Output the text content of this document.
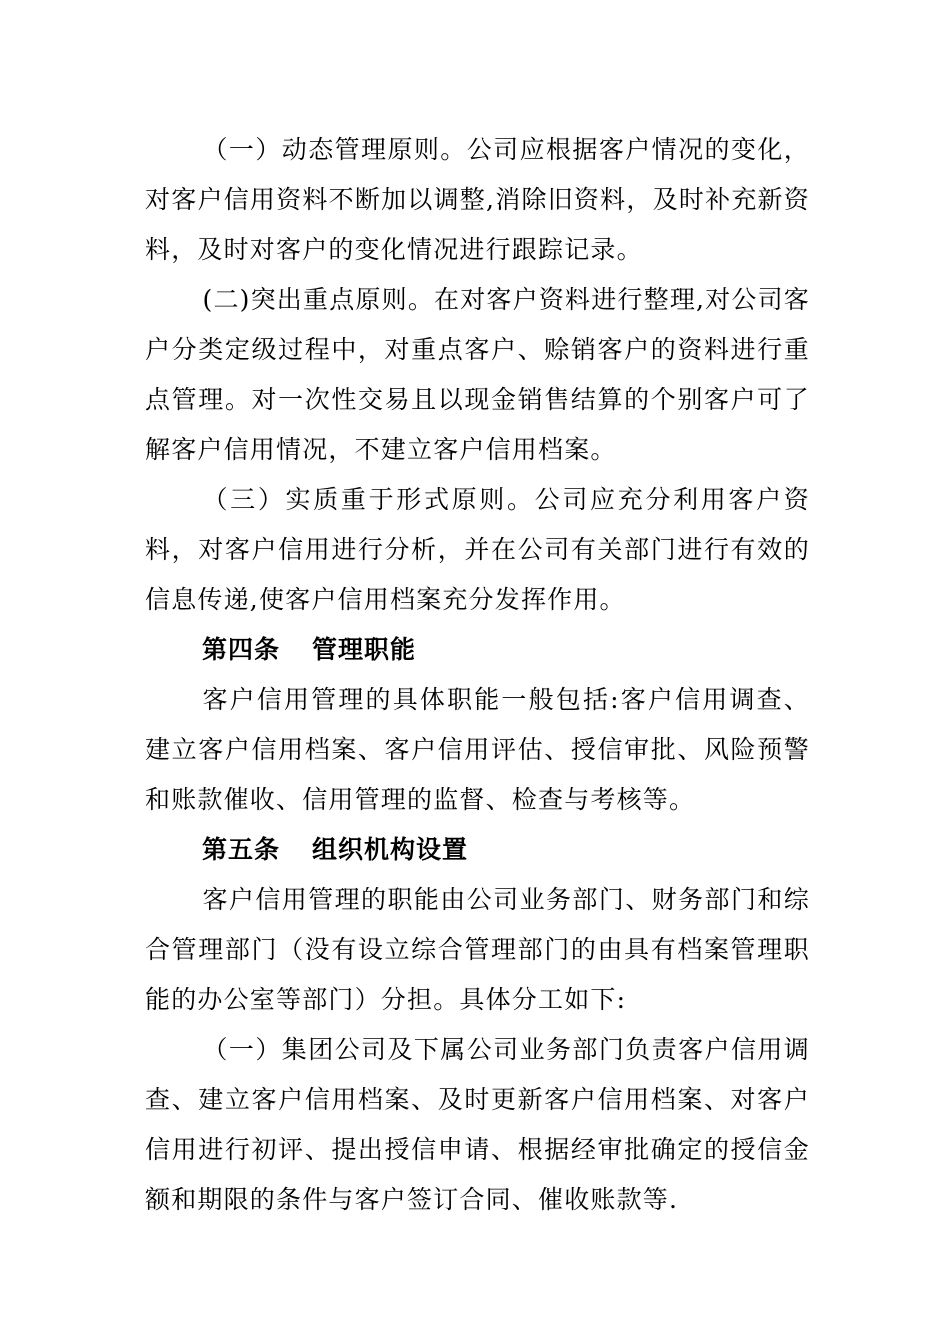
（一）动态管理原则。公司应根据客户情况的变化，对客户信用资料不断加以调整,消除旧资料，及时补充新资料，及时对客户的变化情况进行跟踪记录。

(二)突出重点原则。在对客户资料进行整理,对公司客户分类定级过程中，对重点客户、赊销客户的资料进行重点管理。对一次性交易且以现金销售结算的个别客户可了解客户信用情况，不建立客户信用档案。

（三）实质重于形式原则。公司应充分利用客户资料，对客户信用进行分析，并在公司有关部门进行有效的信息传递,使客户信用档案充分发挥作用。

第四条 管理职能

客户信用管理的具体职能一般包括:客户信用调查、建立客户信用档案、客户信用评估、授信审批、风险预警和账款催收、信用管理的监督、检查与考核等。

第五条 组织机构设置

客户信用管理的职能由公司业务部门、财务部门和综合管理部门（没有设立综合管理部门的由具有档案管理职能的办公室等部门）分担。具体分工如下:

（一）集团公司及下属公司业务部门负责客户信用调查、建立客户信用档案、及时更新客户信用档案、对客户信用进行初评、提出授信申请、根据经审批确定的授信金额和期限的条件与客户签订合同、催收账款等.
